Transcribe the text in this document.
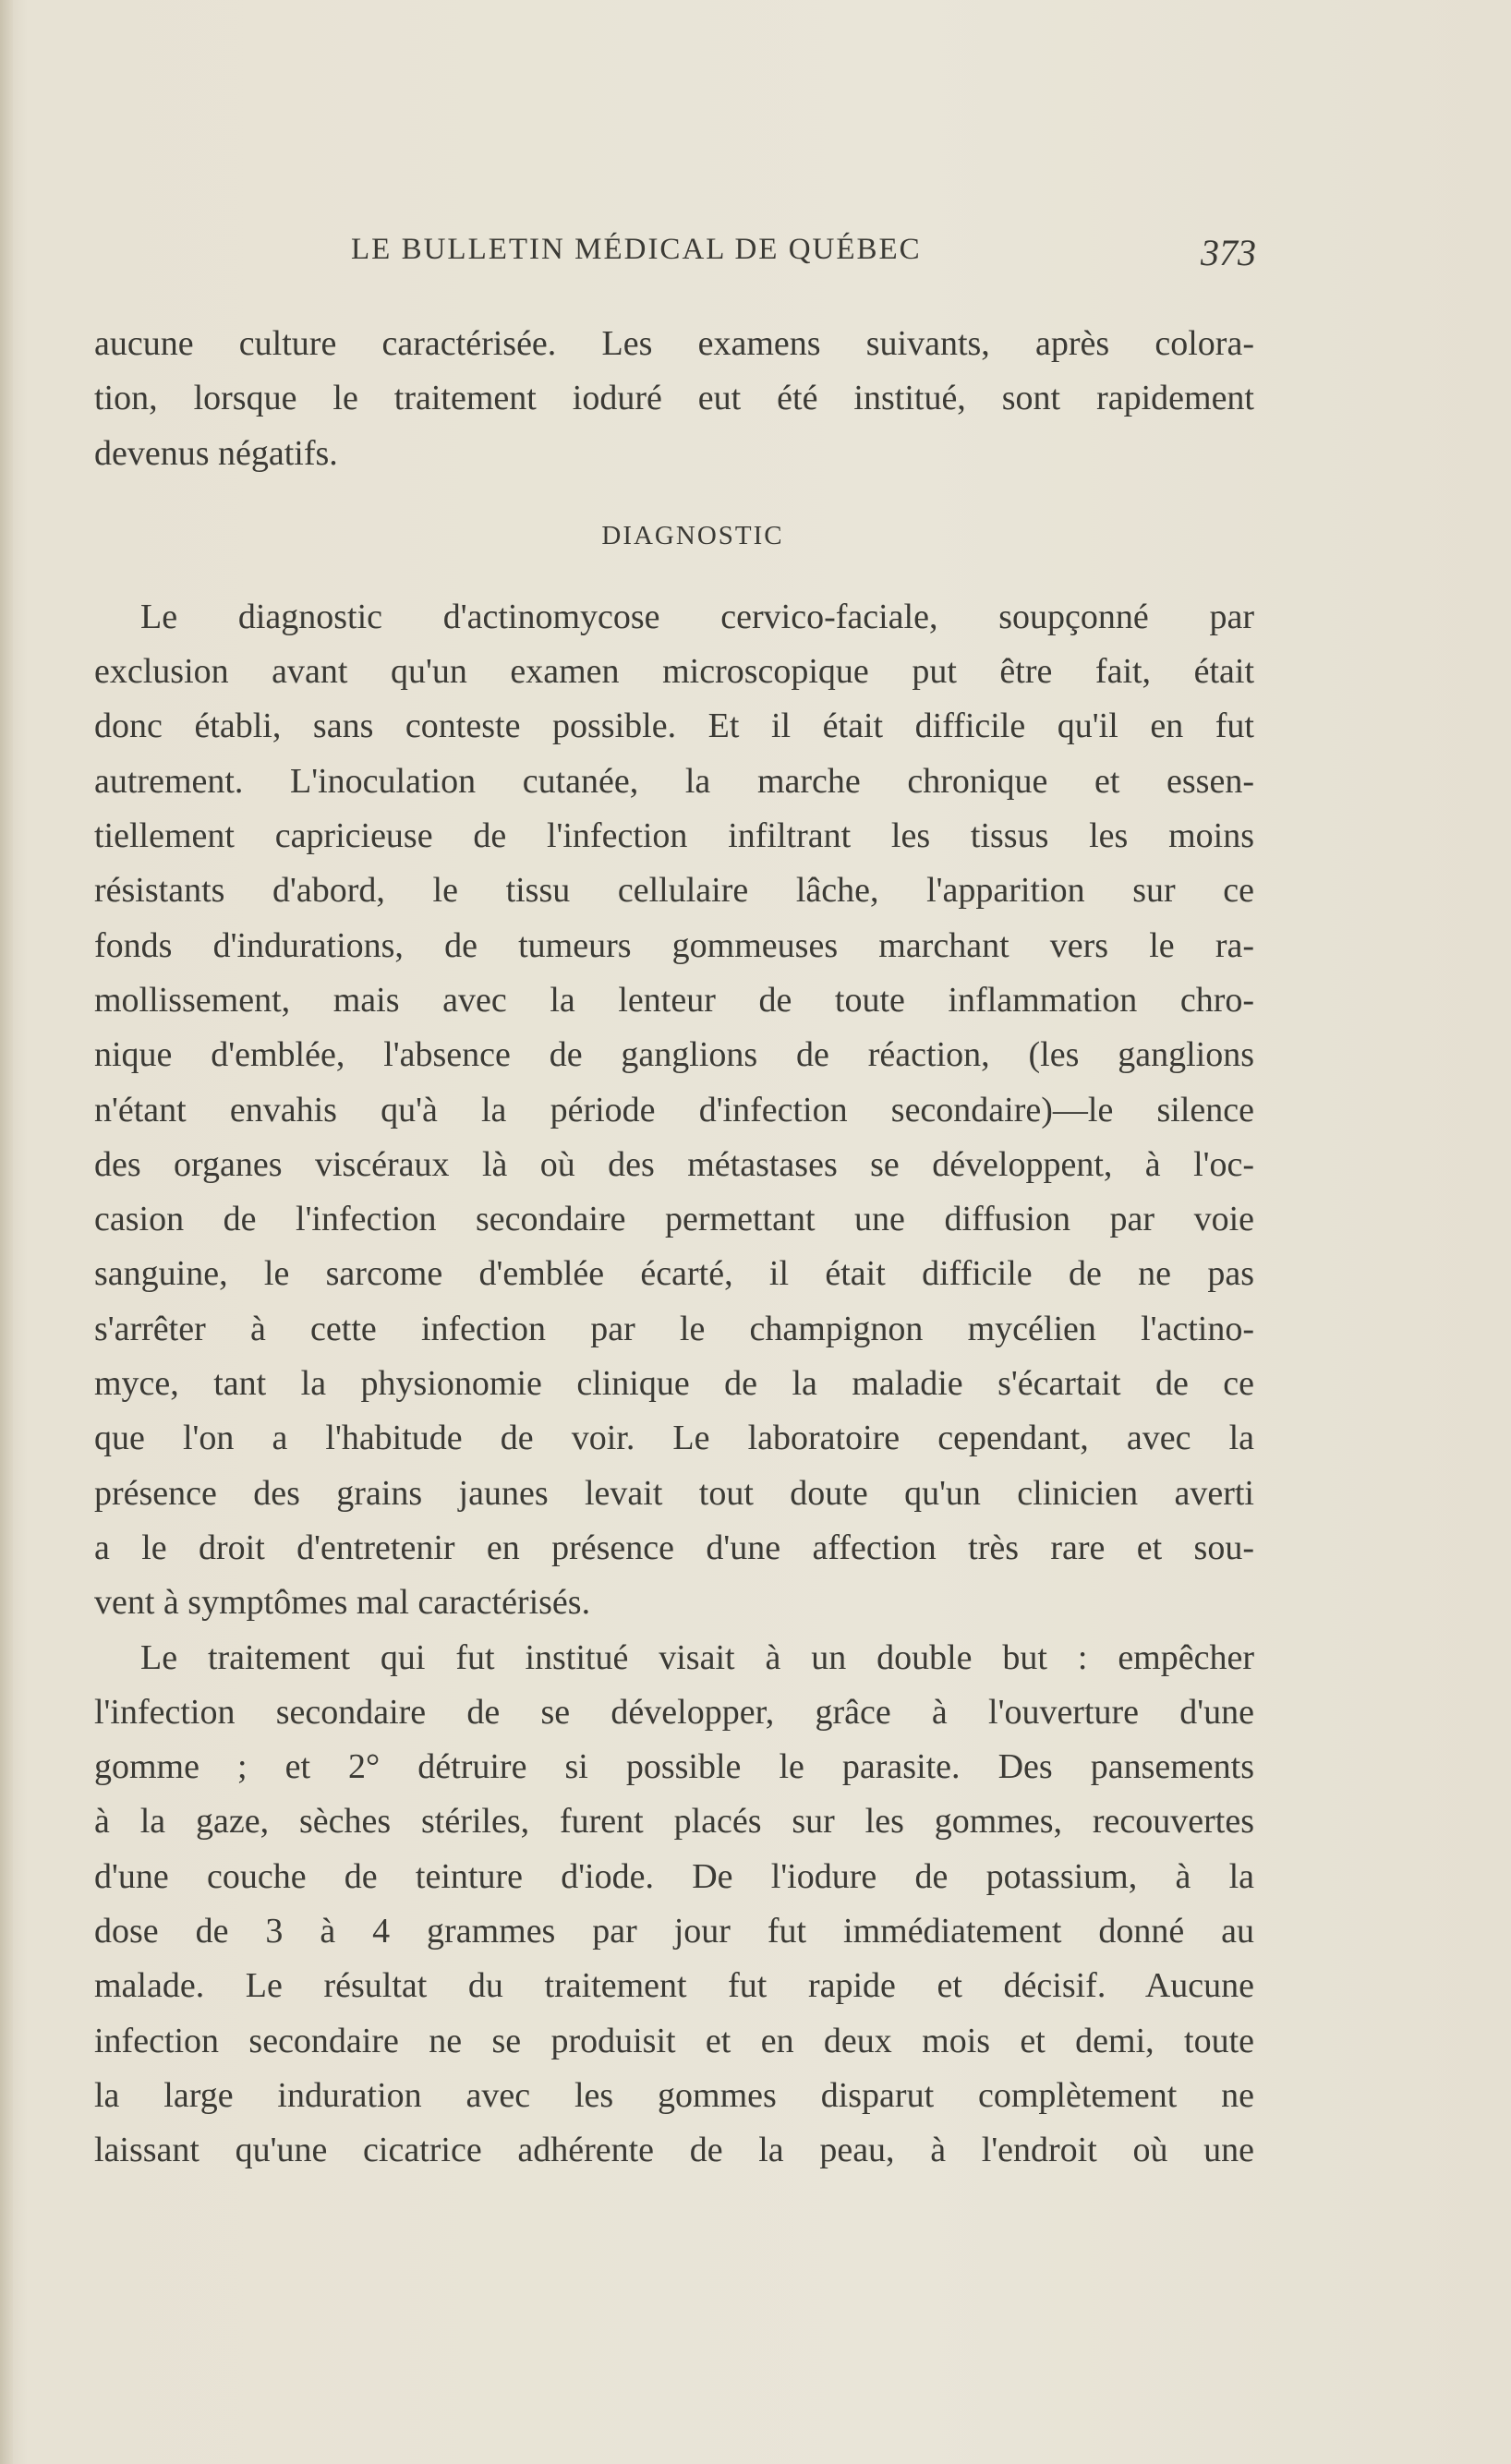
LE BULLETIN MÉDICAL DE QUÉBEC	373
aucune culture caractérisée. Les examens suivants, après colora-
tion, lorsque le traitement ioduré eut été institué, sont rapidement
devenus négatifs.
DIAGNOSTIC
Le diagnostic d'actinomycose cervico-faciale, soupçonné par
exclusion avant qu'un examen microscopique put être fait, était
donc établi, sans conteste possible. Et il était difficile qu'il en fut
autrement. L'inoculation cutanée, la marche chronique et essen-
tiellement capricieuse de l'infection infiltrant les tissus les moins
résistants d'abord, le tissu cellulaire lâche, l'apparition sur ce
fonds d'indurations, de tumeurs gommeuses marchant vers le ra-
mollissement, mais avec la lenteur de toute inflammation chro-
nique d'emblée, l'absence de ganglions de réaction, (les ganglions
n'étant envahis qu'à la période d'infection secondaire)—le silence
des organes viscéraux là où des métastases se développent, à l'oc-
casion de l'infection secondaire permettant une diffusion par voie
sanguine, le sarcome d'emblée écarté, il était difficile de ne pas
s'arrêter à cette infection par le champignon mycélien l'actino-
myce, tant la physionomie clinique de la maladie s'écartait de ce
que l'on a l'habitude de voir. Le laboratoire cependant, avec la
présence des grains jaunes levait tout doute qu'un clinicien averti
a le droit d'entretenir en présence d'une affection très rare et sou-
vent à symptômes mal caractérisés.
Le traitement qui fut institué visait à un double but : empêcher
l'infection secondaire de se développer, grâce à l'ouverture d'une
gomme ; et 2° détruire si possible le parasite. Des pansements
à la gaze, sèches stériles, furent placés sur les gommes, recouvertes
d'une couche de teinture d'iode. De l'iodure de potassium, à la
dose de 3 à 4 grammes par jour fut immédiatement donné au
malade. Le résultat du traitement fut rapide et décisif. Aucune
infection secondaire ne se produisit et en deux mois et demi, toute
la large induration avec les gommes disparut complètement ne
laissant qu'une cicatrice adhérente de la peau, à l'endroit où une
